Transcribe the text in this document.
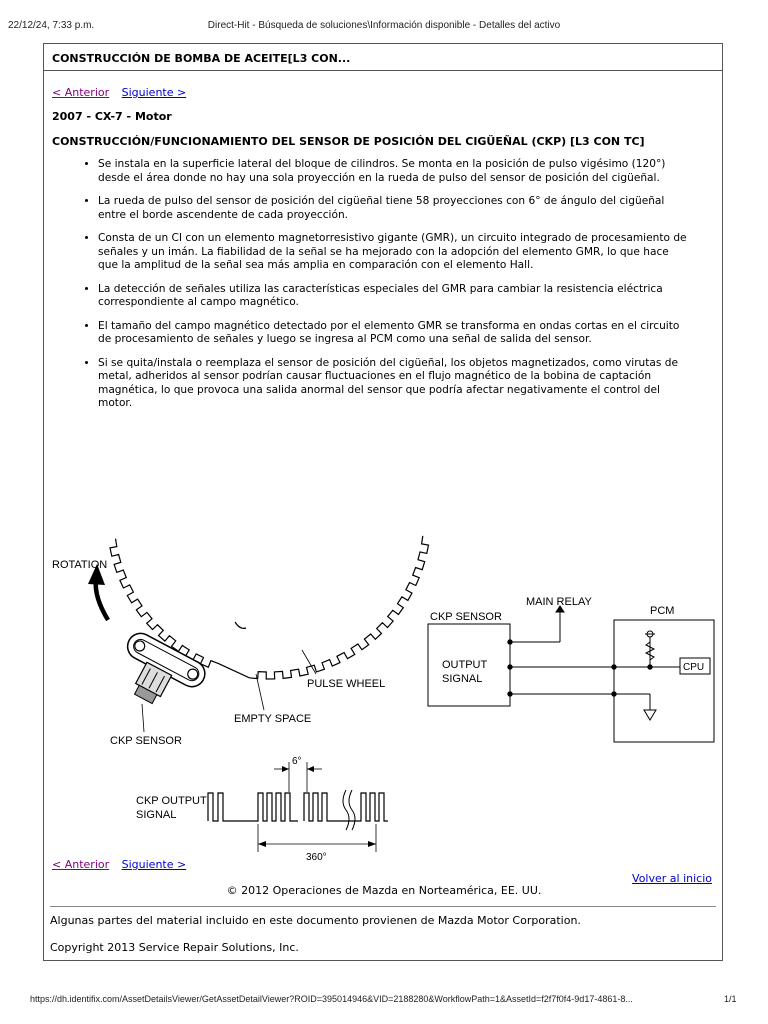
22/12/24, 7:33 p.m.	Direct-Hit - Búsqueda de soluciones\Información disponible - Detalles del activo
CONSTRUCCIÓN DE BOMBA DE ACEITE[L3 CON...
< Anterior Siguiente >
2007 - CX-7 - Motor
CONSTRUCCIÓN/FUNCIONAMIENTO DEL SENSOR DE POSICIÓN DEL CIGÜEÑAL (CKP) [L3 CON TC]
• Se instala en la superficie lateral del bloque de cilindros. Se monta en la posición de pulso vigésimo (120°) desde el área donde no hay una sola proyección en la rueda de pulso del sensor de posición del cigüeñal.
• La rueda de pulso del sensor de posición del cigüeñal tiene 58 proyecciones con 6° de ángulo del cigüeñal entre el borde ascendente de cada proyección.
• Consta de un CI con un elemento magnetorresistivo gigante (GMR), un circuito integrado de procesamiento de señales y un imán. La fiabilidad de la señal se ha mejorado con la adopción del elemento GMR, lo que hace que la amplitud de la señal sea más amplia en comparación con el elemento Hall.
• La detección de señales utiliza las características especiales del GMR para cambiar la resistencia eléctrica correspondiente al campo magnético.
• El tamaño del campo magnético detectado por el elemento GMR se transforma en ondas cortas en el circuito de procesamiento de señales y luego se ingresa al PCM como una señal de salida del sensor.
• Si se quita/instala o reemplaza el sensor de posición del cigüeñal, los objetos magnetizados, como virutas de metal, adheridos al sensor podrían causar fluctuaciones en el flujo magnético de la bobina de captación magnética, lo que provoca una salida anormal del sensor que podría afectar negativamente el control del motor.
ROTATION
PULSE WHEEL
EMPTY SPACE
CKP SENSOR
CKP SENSOR
MAIN RELAY
OUTPUT
SIGNAL
PCM
CPU
6°
CKP OUTPUT
SIGNAL
360°
< Anterior Siguiente >
Volver al inicio
© 2012 Operaciones de Mazda en Norteamérica, EE. UU.
Algunas partes del material incluido en este documento provienen de Mazda Motor Corporation.
Copyright 2013 Service Repair Solutions, Inc.
https://dh.identifix.com/AssetDetailsViewer/GetAssetDetailViewer?ROID=395014946&VID=2188280&WorkflowPath=1&AssetId=f2f7f0f4-9d17-4861-8...	1/1
